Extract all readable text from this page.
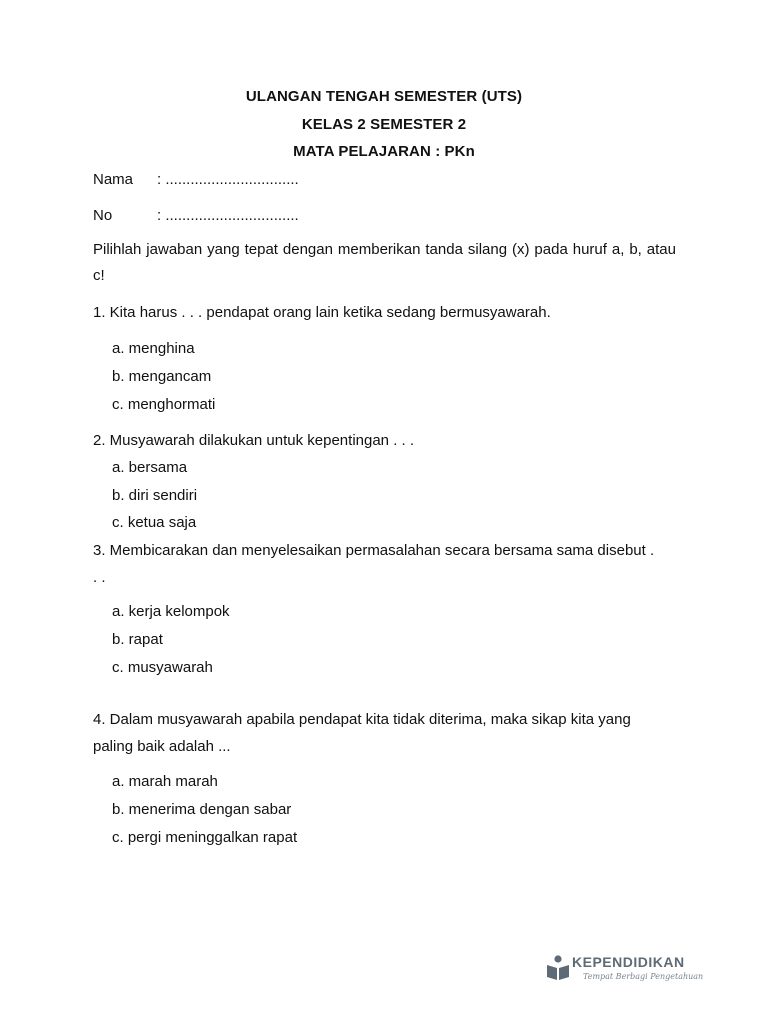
ULANGAN TENGAH SEMESTER (UTS)
KELAS 2 SEMESTER 2
MATA PELAJARAN : PKn
Nama : ................................
No	: ................................
Pilihlah jawaban yang tepat dengan memberikan tanda silang (x) pada huruf a, b, atau c!
1. Kita harus . . . pendapat orang lain ketika sedang bermusyawarah.
a. menghina
b. mengancam
c. menghormati
2. Musyawarah dilakukan untuk kepentingan . . .
a. bersama
b. diri sendiri
c. ketua saja
3. Membicarakan dan menyelesaikan permasalahan secara bersama sama disebut .
. .
a. kerja kelompok
b. rapat
c. musyawarah
4. Dalam musyawarah apabila pendapat kita tidak diterima, maka sikap kita yang
paling baik adalah ...
a. marah marah
b. menerima dengan sabar
c. pergi meninggalkan rapat
KEPENDIDIKAN
Tempat Berbagi Pengetahuan
